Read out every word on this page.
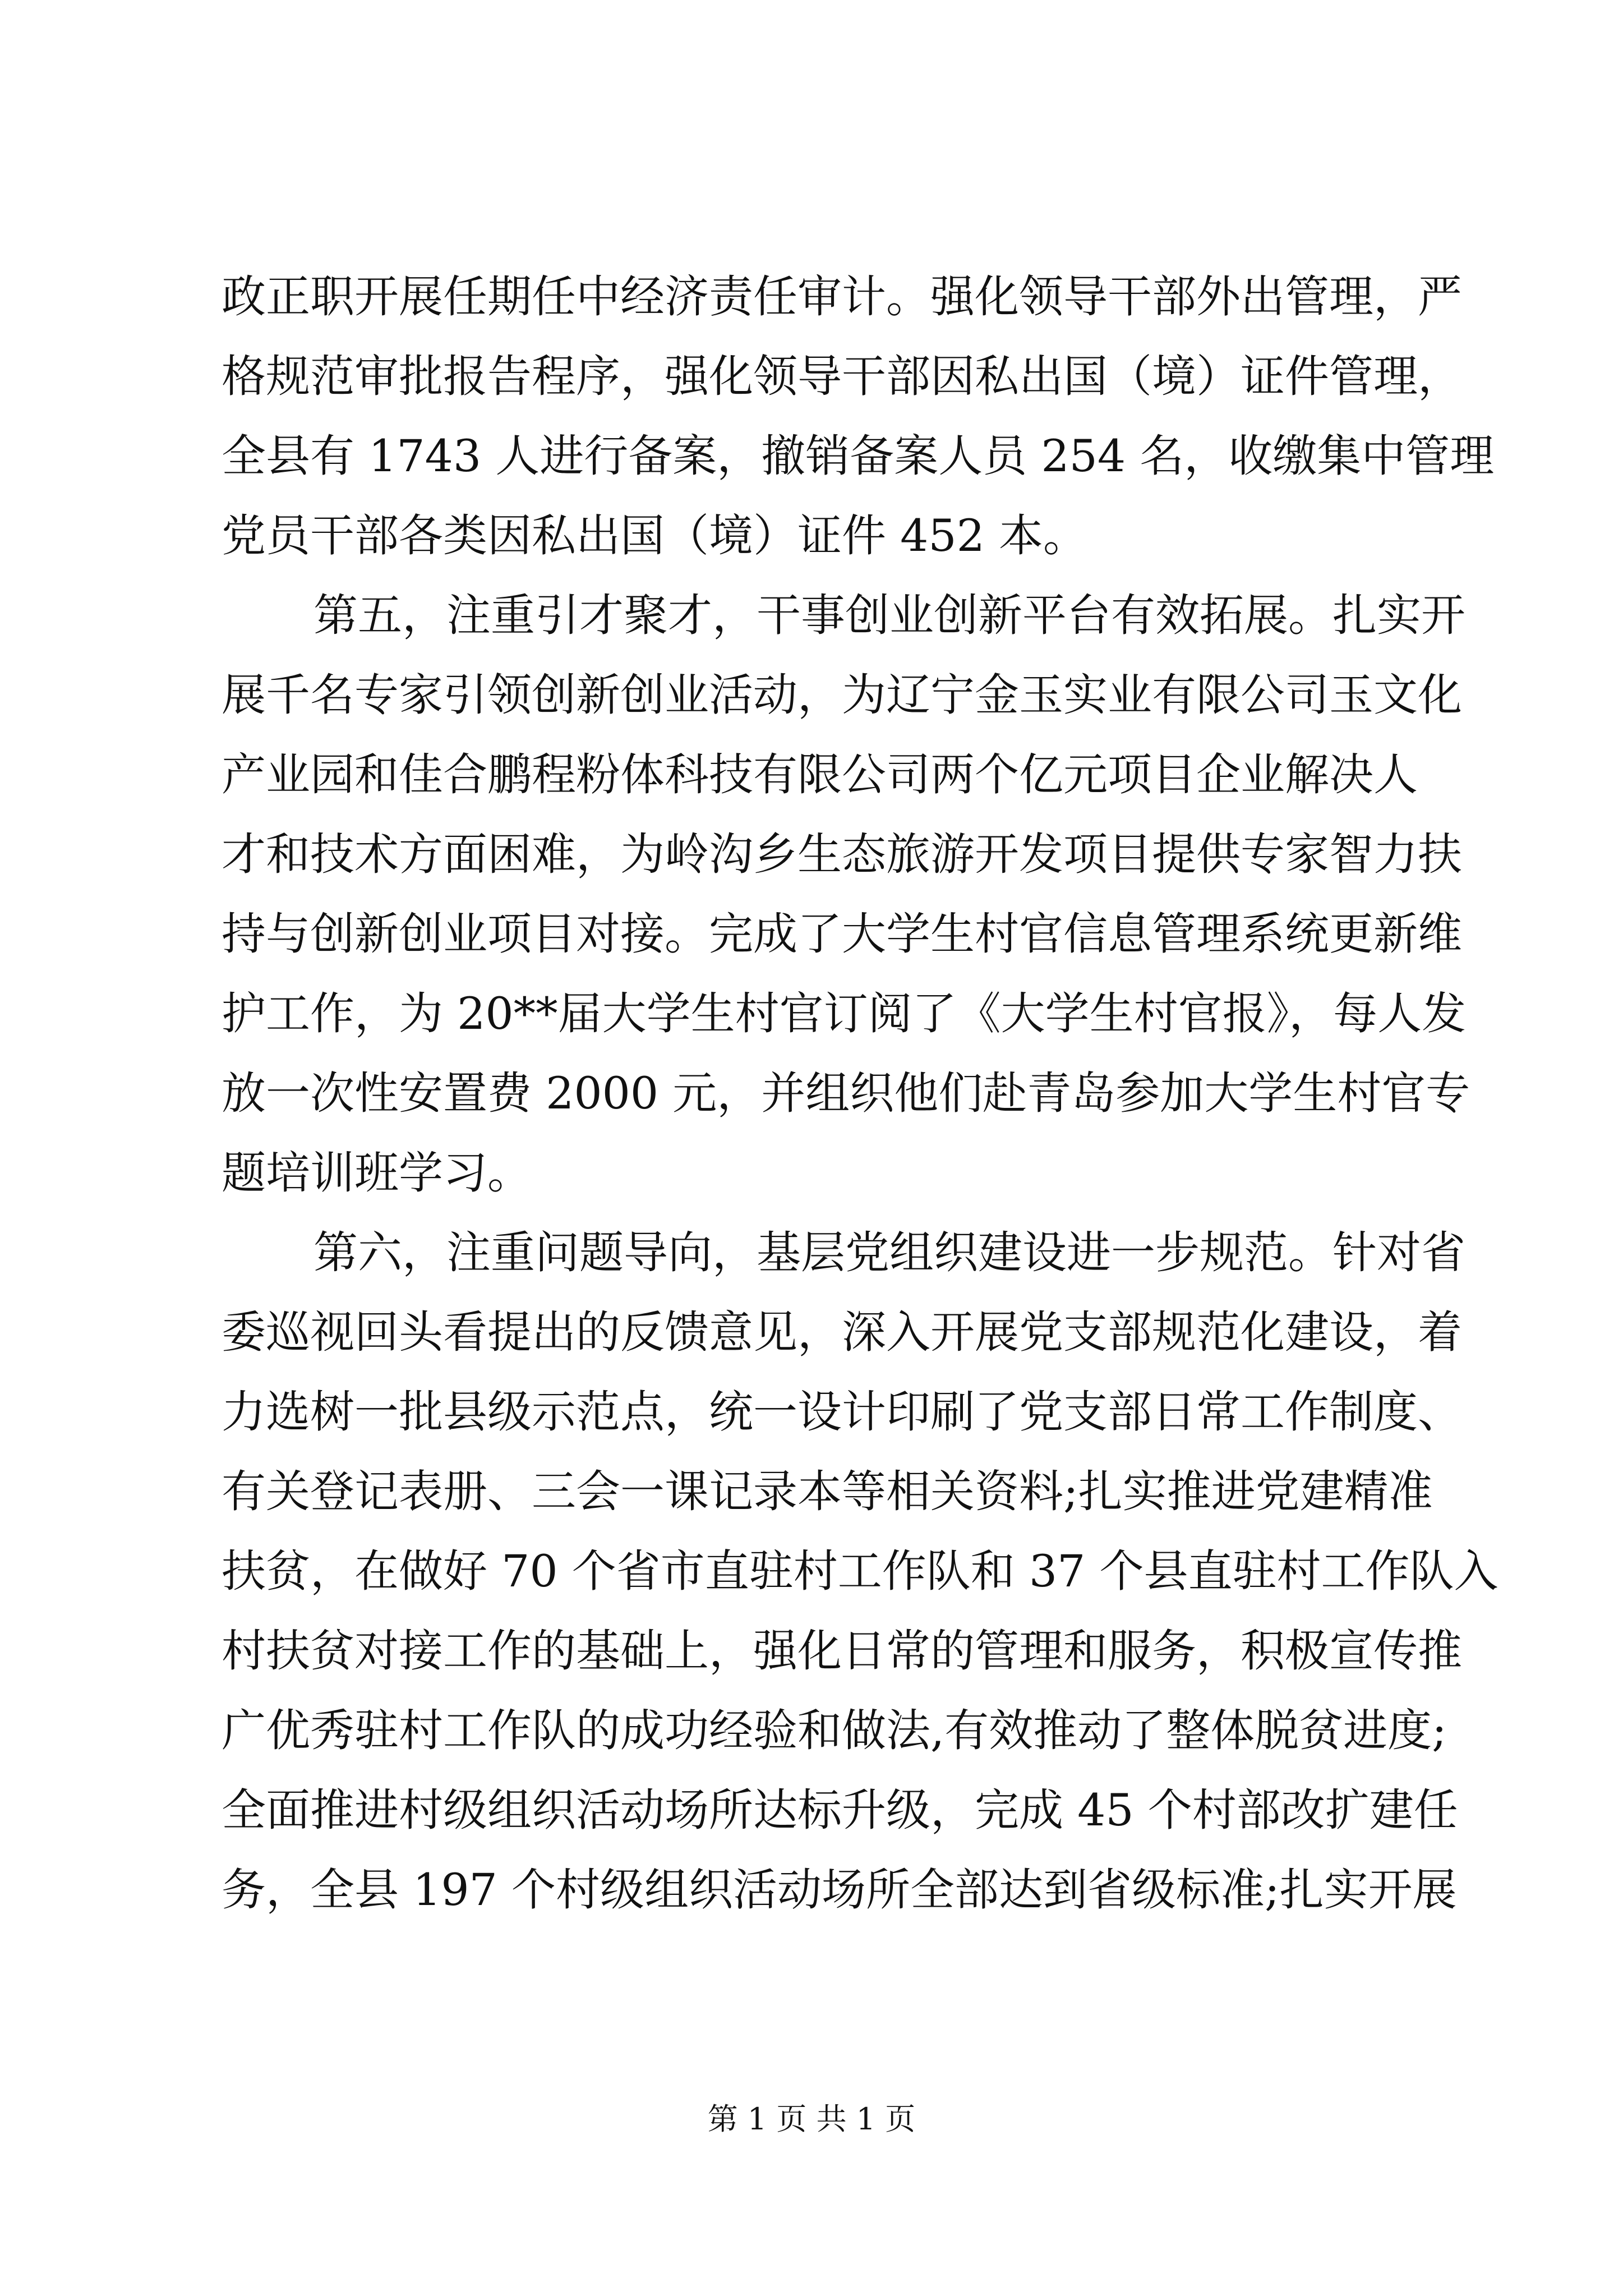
政正职开展任期任中经济责任审计。强化领导干部外出管理，严
格规范审批报告程序，强化领导干部因私出国（境）证件管理，
全县有 1743 人进行备案，撤销备案人员 254 名，收缴集中管理
党员干部各类因私出国（境）证件 452 本。
第五，注重引才聚才，干事创业创新平台有效拓展。扎实开
展千名专家引领创新创业活动，为辽宁金玉实业有限公司玉文化
产业园和佳合鹏程粉体科技有限公司两个亿元项目企业解决人
才和技术方面困难，为岭沟乡生态旅游开发项目提供专家智力扶
持与创新创业项目对接。完成了大学生村官信息管理系统更新维
护工作，为 20**届大学生村官订阅了《大学生村官报》，每人发
放一次性安置费 2000 元，并组织他们赴青岛参加大学生村官专
题培训班学习。
第六，注重问题导向，基层党组织建设进一步规范。针对省
委巡视回头看提出的反馈意见，深入开展党支部规范化建设，着
力选树一批县级示范点，统一设计印刷了党支部日常工作制度、
有关登记表册、三会一课记录本等相关资料;扎实推进党建精准
扶贫，在做好 70 个省市直驻村工作队和 37 个县直驻村工作队入
村扶贫对接工作的基础上，强化日常的管理和服务，积极宣传推
广优秀驻村工作队的成功经验和做法,有效推动了整体脱贫进度;
全面推进村级组织活动场所达标升级，完成 45 个村部改扩建任
务，全县 197 个村级组织活动场所全部达到省级标准;扎实开展
第 1 页 共 1 页
